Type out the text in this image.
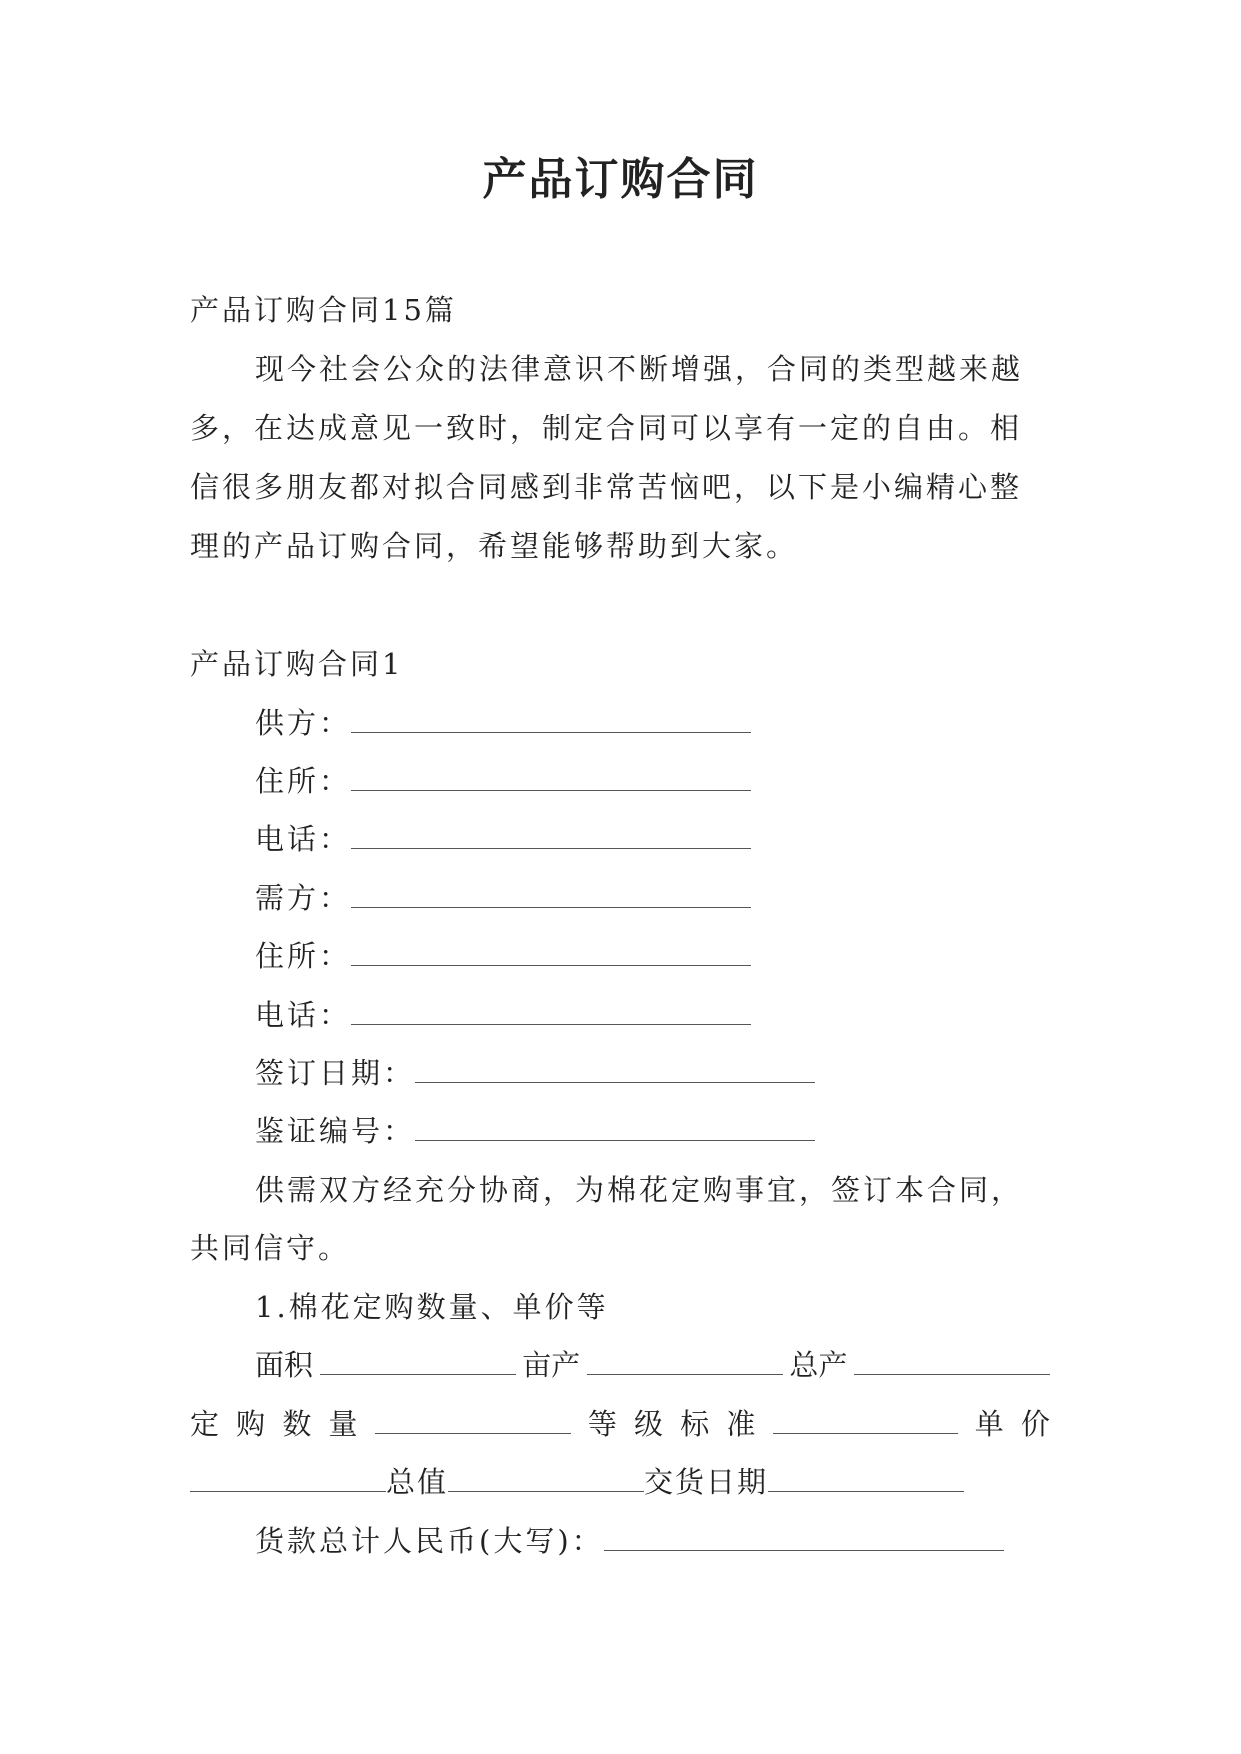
产品订购合同
产品订购合同15篇
现今社会公众的法律意识不断增强，合同的类型越来越
多，在达成意见一致时，制定合同可以享有一定的自由。相
信很多朋友都对拟合同感到非常苦恼吧，以下是小编精心整
理的产品订购合同，希望能够帮助到大家。
产品订购合同1
供方：
住所：
电话：
需方：
住所：
电话：
签订日期：
鉴证编号：
供需双方经充分协商，为棉花定购事宜，签订本合同，
共同信守。
1.棉花定购数量、单价等
面积	亩产	总产
定 购 数 量	等 级 标 准	单 价
总值	交货日期
货款总计人民币(大写)：
